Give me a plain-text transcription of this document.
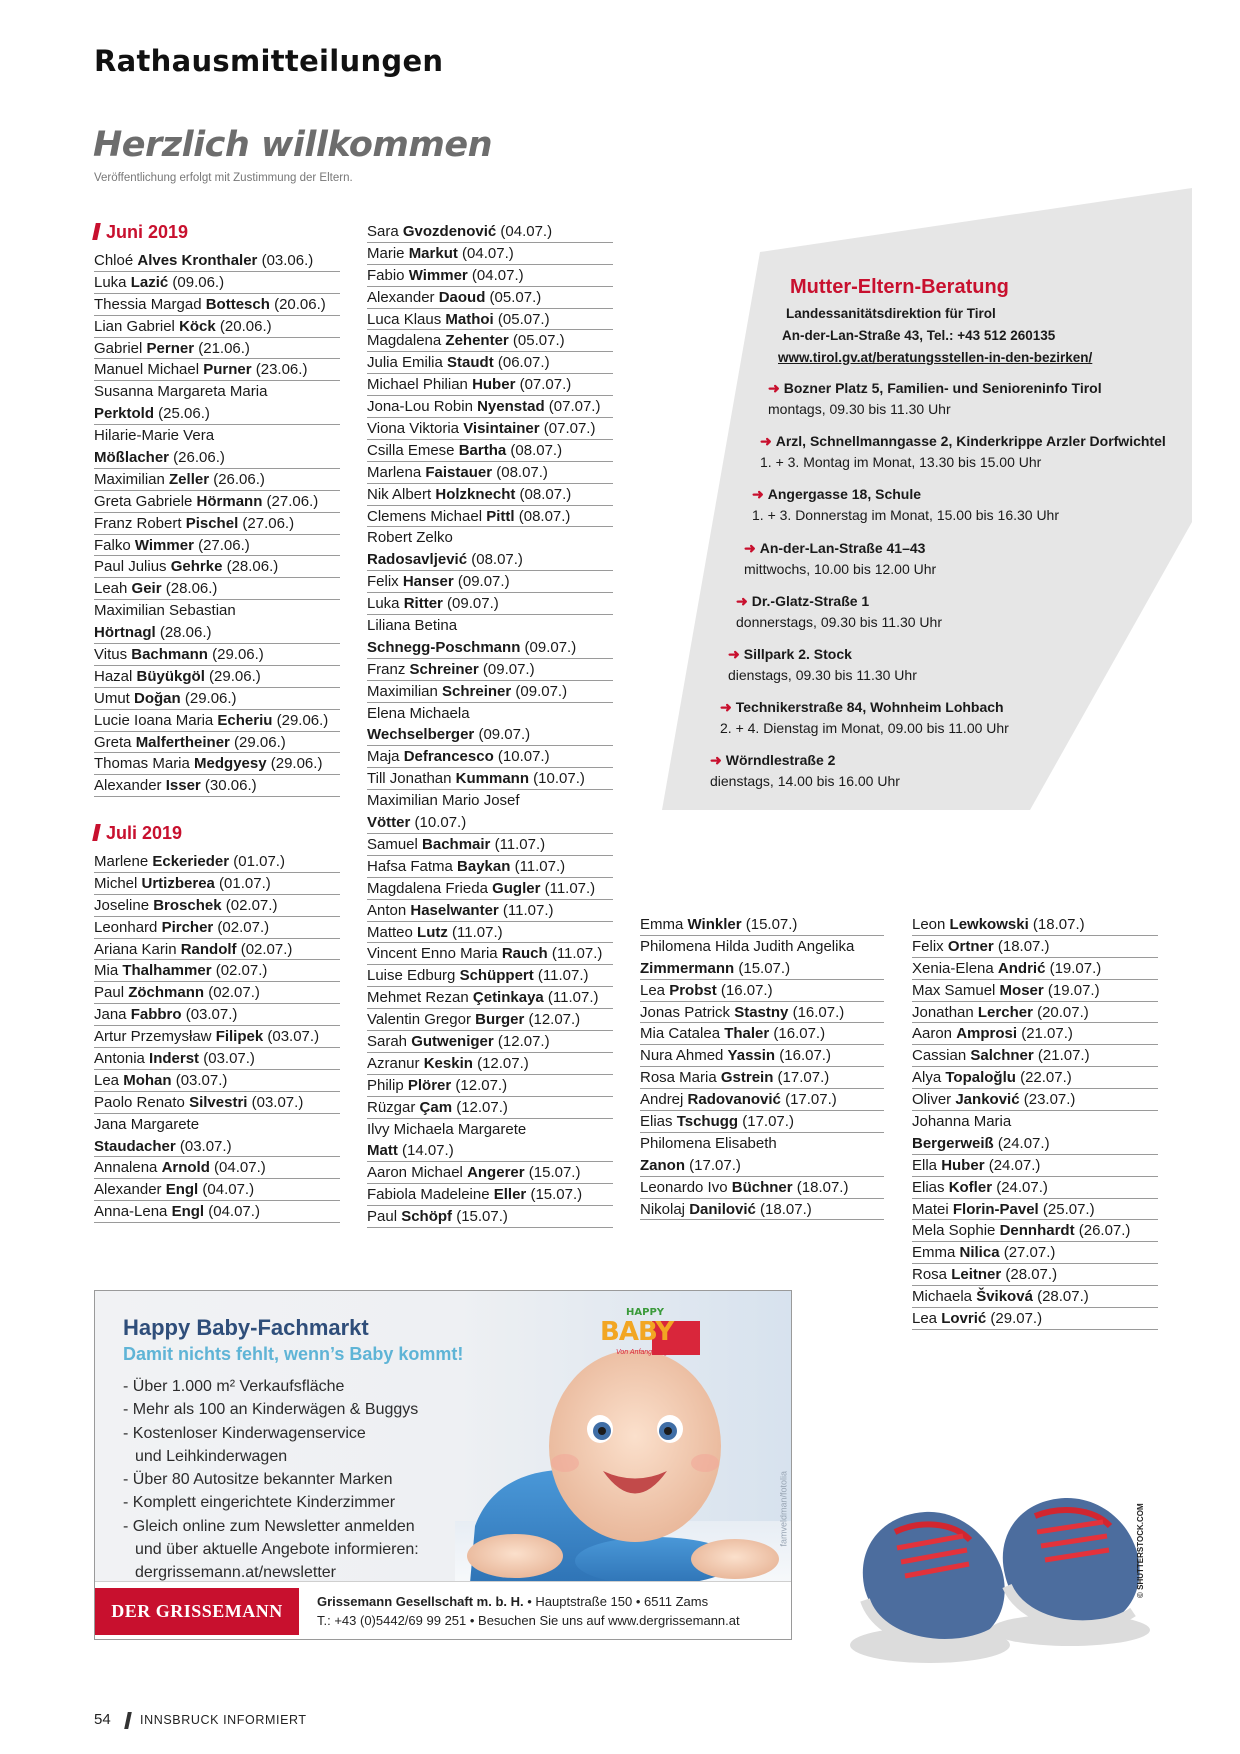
Rathausmitteilungen
Herzlich willkommen
Veröffentlichung erfolgt mit Zustimmung der Eltern.
Juni 2019
Chloé Alves Kronthaler (03.06.)
Luka Lazić (09.06.)
Thessia Margad Bottesch (20.06.)
Lian Gabriel Köck (20.06.)
Gabriel Perner (21.06.)
Manuel Michael Purner (23.06.)
Susanna Margareta Maria
Perktold (25.06.)
Hilarie-Marie Vera
Mößlacher (26.06.)
Maximilian Zeller (26.06.)
Greta Gabriele Hörmann (27.06.)
Franz Robert Pischel (27.06.)
Falko Wimmer (27.06.)
Paul Julius Gehrke (28.06.)
Leah Geir (28.06.)
Maximilian Sebastian
Hörtnagl (28.06.)
Vitus Bachmann (29.06.)
Hazal Büyükgöl (29.06.)
Umut Doğan (29.06.)
Lucie Ioana Maria Echeriu (29.06.)
Greta Malfertheiner (29.06.)
Thomas Maria Medgyesy (29.06.)
Alexander Isser (30.06.)
Juli 2019
Marlene Eckerieder (01.07.)
Michel Urtizberea (01.07.)
Joseline Broschek (02.07.)
Leonhard Pircher (02.07.)
Ariana Karin Randolf (02.07.)
Mia Thalhammer (02.07.)
Paul Zöchmann (02.07.)
Jana Fabbro (03.07.)
Artur Przemysław Filipek (03.07.)
Antonia Inderst (03.07.)
Lea Mohan (03.07.)
Paolo Renato Silvestri (03.07.)
Jana Margarete
Staudacher (03.07.)
Annalena Arnold (04.07.)
Alexander Engl (04.07.)
Anna-Lena Engl (04.07.)
Sara Gvozdenović (04.07.)
Marie Markut (04.07.)
Fabio Wimmer (04.07.)
Alexander Daoud (05.07.)
Luca Klaus Mathoi (05.07.)
Magdalena Zehenter (05.07.)
Julia Emilia Staudt (06.07.)
Michael Philian Huber (07.07.)
Jona-Lou Robin Nyenstad (07.07.)
Viona Viktoria Visintainer (07.07.)
Csilla Emese Bartha (08.07.)
Marlena Faistauer (08.07.)
Nik Albert Holzknecht (08.07.)
Clemens Michael Pittl (08.07.)
Robert Zelko
Radosavljević (08.07.)
Felix Hanser (09.07.)
Luka Ritter (09.07.)
Liliana Betina
Schnegg-Poschmann (09.07.)
Franz Schreiner (09.07.)
Maximilian Schreiner (09.07.)
Elena Michaela
Wechselberger (09.07.)
Maja Defrancesco (10.07.)
Till Jonathan Kummann (10.07.)
Maximilian Mario Josef
Vötter (10.07.)
Samuel Bachmair (11.07.)
Hafsa Fatma Baykan (11.07.)
Magdalena Frieda Gugler (11.07.)
Anton Haselwanter (11.07.)
Matteo Lutz (11.07.)
Vincent Enno Maria Rauch (11.07.)
Luise Edburg Schüppert (11.07.)
Mehmet Rezan Çetinkaya (11.07.)
Valentin Gregor Burger (12.07.)
Sarah Gutweniger (12.07.)
Azranur Keskin (12.07.)
Philip Plörer (12.07.)
Rüzgar Çam (12.07.)
Ilvy Michaela Margarete
Matt (14.07.)
Aaron Michael Angerer (15.07.)
Fabiola Madeleine Eller (15.07.)
Paul Schöpf (15.07.)
Emma Winkler (15.07.)
Philomena Hilda Judith Angelika
Zimmermann (15.07.)
Lea Probst (16.07.)
Jonas Patrick Stastny (16.07.)
Mia Catalea Thaler (16.07.)
Nura Ahmed Yassin (16.07.)
Rosa Maria Gstrein (17.07.)
Andrej Radovanović (17.07.)
Elias Tschugg (17.07.)
Philomena Elisabeth
Zanon (17.07.)
Leonardo Ivo Büchner (18.07.)
Nikolaj Danilović (18.07.)
Leon Lewkowski (18.07.)
Felix Ortner (18.07.)
Xenia-Elena Andrić (19.07.)
Max Samuel Moser (19.07.)
Jonathan Lercher (20.07.)
Aaron Amprosi (21.07.)
Cassian Salchner (21.07.)
Alya Topaloğlu (22.07.)
Oliver Janković (23.07.)
Johanna Maria
Bergerweiß (24.07.)
Ella Huber (24.07.)
Elias Kofler (24.07.)
Matei Florin-Pavel (25.07.)
Mela Sophie Dennhardt (26.07.)
Emma Nilica (27.07.)
Rosa Leitner (28.07.)
Michaela Šviková (28.07.)
Lea Lovrić (29.07.)
Mutter-Eltern-Beratung
Landessanitätsdirektion für Tirol
An-der-Lan-Straße 43, Tel.: +43 512 260135
www.tirol.gv.at/beratungsstellen-in-den-bezirken/
➜ Bozner Platz 5, Familien- und Senioreninfo Tirol
montags, 09.30 bis 11.30 Uhr
➜ Arzl, Schnellmanngasse 2, Kinderkrippe Arzler Dorfwichtel
1. + 3. Montag im Monat, 13.30 bis 15.00 Uhr
➜ Angergasse 18, Schule
1. + 3. Donnerstag im Monat, 15.00 bis 16.30 Uhr
➜ An-der-Lan-Straße 41–43
mittwochs, 10.00 bis 12.00 Uhr
➜ Dr.-Glatz-Straße 1
donnerstags, 09.30 bis 11.30 Uhr
➜ Sillpark 2. Stock
dienstags, 09.30 bis 11.30 Uhr
➜ Technikerstraße 84, Wohnheim Lohbach
2. + 4. Dienstag im Monat, 09.00 bis 11.00 Uhr
➜ Wörndlestraße 2
dienstags, 14.00 bis 16.00 Uhr
HAPPY
BABY
Von Anfang an glücklich
famveldman/fotolia
Happy Baby-Fachmarkt
Damit nichts fehlt, wenn’s Baby kommt!
- Über 1.000 m² Verkaufsfläche
- Mehr als 100 an Kinderwägen & Buggys
- Kostenloser Kinderwagenservice
und Leihkinderwagen
- Über 80 Autositze bekannter Marken
- Komplett eingerichtete Kinderzimmer
- Gleich online zum Newsletter anmelden
und über aktuelle Angebote informieren:
dergrissemann.at/newsletter
DER GRISSEMANN	Grissemann Gesellschaft m. b. H. • Hauptstraße 150 • 6511 Zams
T.: +43 (0)5442/69 99 251 • Besuchen Sie uns auf www.dergrissemann.at
© SHUTTERSTOCK.COM
54 INNSBRUCK INFORMIERT
